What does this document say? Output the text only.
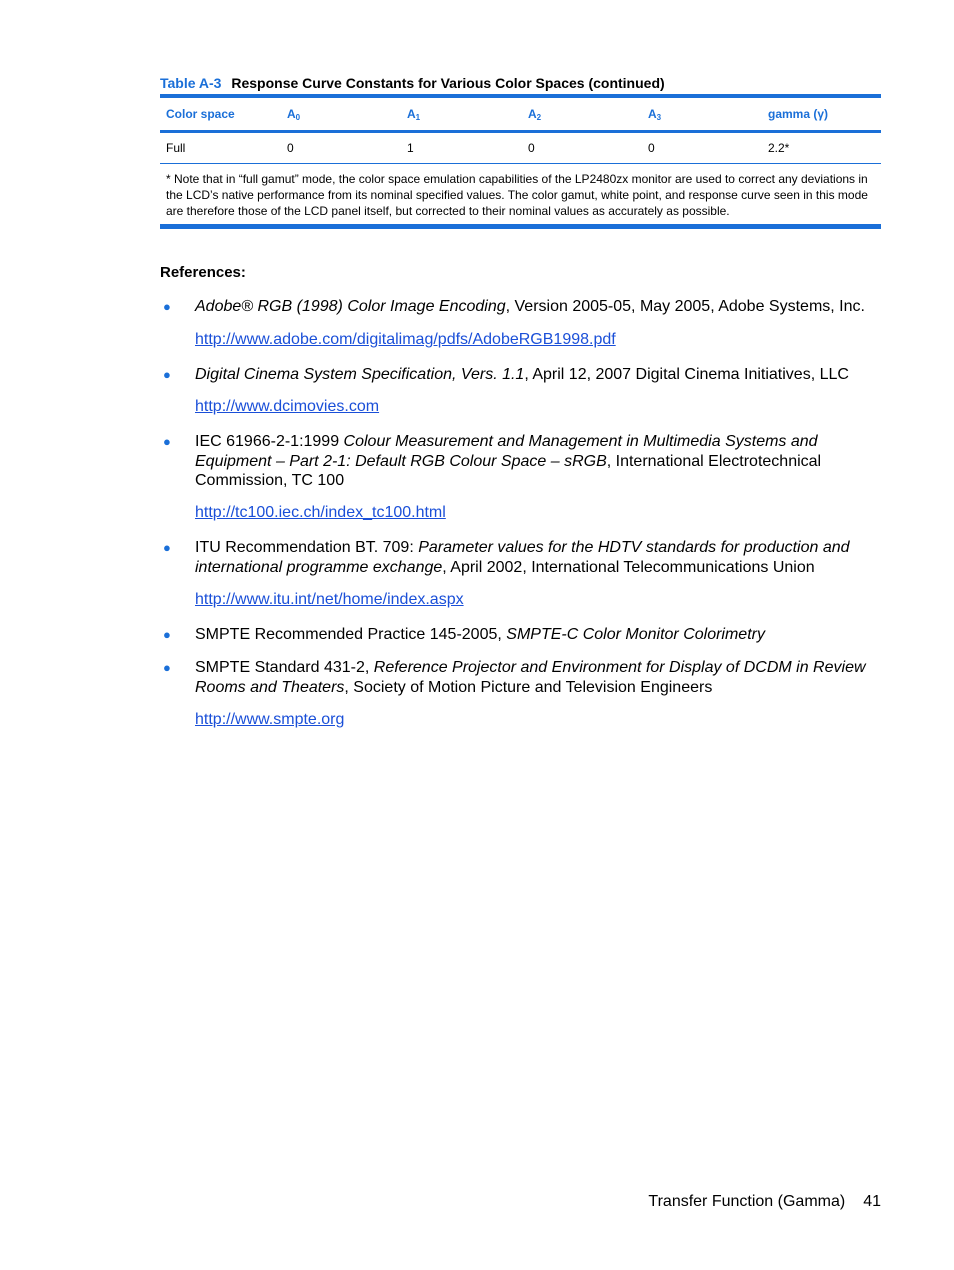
Table A-3 Response Curve Constants for Various Color Spaces (continued)
Color space	$A_0$	$A_1$	$A_2$	$A_3$	gamma (γ)
Full	0	1	0	0	2.2*
* Note that in “full gamut” mode, the color space emulation capabilities of the LP2480zx monitor are used to correct any deviations in the LCD’s native performance from its nominal specified values. The color gamut, white point, and response curve seen in this mode are therefore those of the LCD panel itself, but corrected to their nominal values as accurately as possible.
References:
● Adobe® RGB (1998) Color Image Encoding, Version 2005-05, May 2005, Adobe Systems, Inc.
http://www.adobe.com/digitalimag/pdfs/AdobeRGB1998.pdf
● Digital Cinema System Specification, Vers. 1.1, April 12, 2007 Digital Cinema Initiatives, LLC
http://www.dcimovies.com
● IEC 61966-2-1:1999 Colour Measurement and Management in Multimedia Systems and Equipment – Part 2-1: Default RGB Colour Space – sRGB, International Electrotechnical Commission, TC 100
http://tc100.iec.ch/index_tc100.html
● ITU Recommendation BT. 709: Parameter values for the HDTV standards for production and international programme exchange, April 2002, International Telecommunications Union
http://www.itu.int/net/home/index.aspx
● SMPTE Recommended Practice 145-2005, SMPTE-C Color Monitor Colorimetry
● SMPTE Standard 431-2, Reference Projector and Environment for Display of DCDM in Review Rooms and Theaters, Society of Motion Picture and Television Engineers
http://www.smpte.org
Transfer Function (Gamma) 41
